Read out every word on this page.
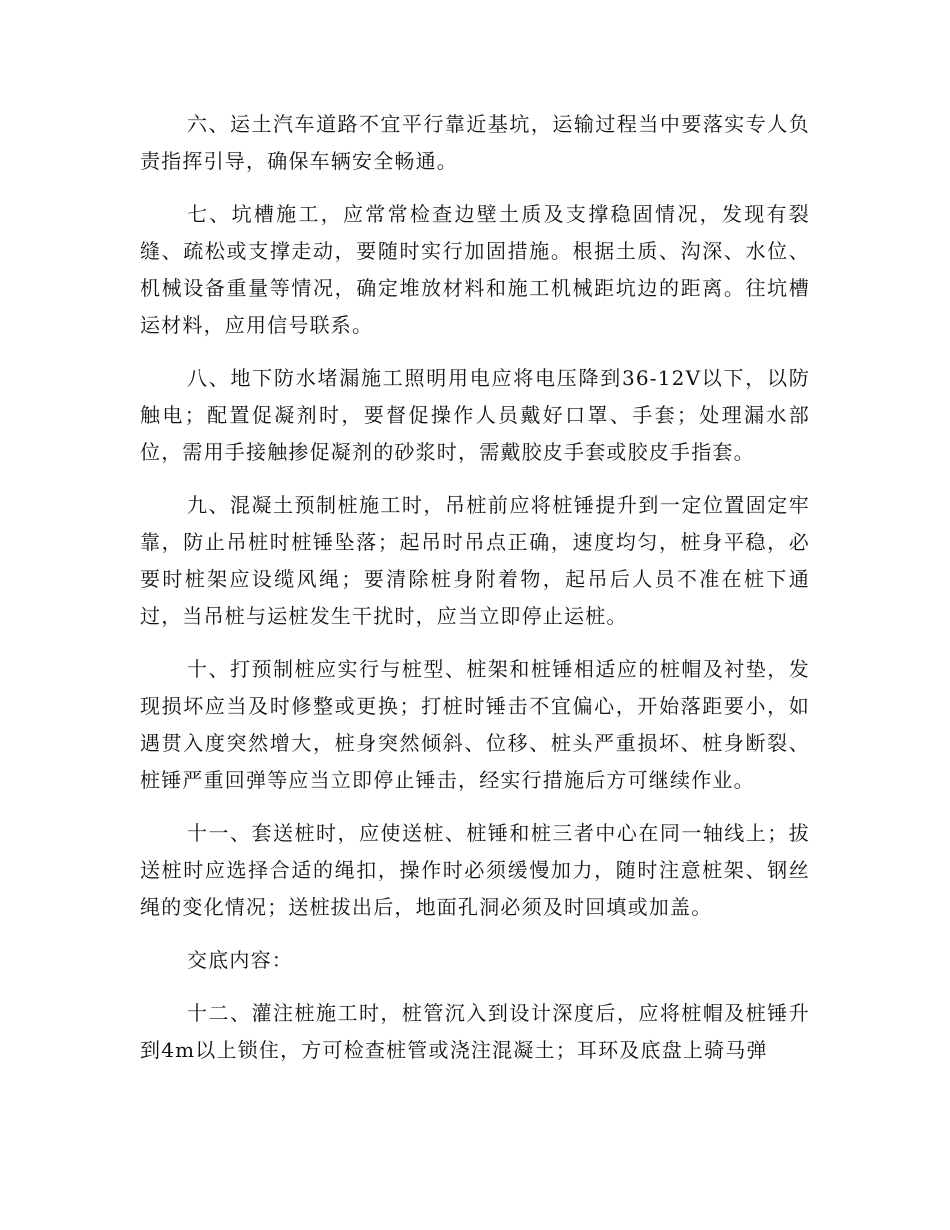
六、运土汽车道路不宜平行靠近基坑，运输过程当中要落实专人负责指挥引导，确保车辆安全畅通。

七、坑槽施工，应常常检查边壁土质及支撑稳固情况，发现有裂缝、疏松或支撑走动，要随时实行加固措施。根据土质、沟深、水位、机械设备重量等情况，确定堆放材料和施工机械距坑边的距离。往坑槽运材料，应用信号联系。

八、地下防水堵漏施工照明用电应将电压降到36-12V以下，以防触电；配置促凝剂时，要督促操作人员戴好口罩、手套；处理漏水部位，需用手接触掺促凝剂的砂浆时，需戴胶皮手套或胶皮手指套。

九、混凝土预制桩施工时，吊桩前应将桩锤提升到一定位置固定牢靠，防止吊桩时桩锤坠落；起吊时吊点正确，速度均匀，桩身平稳，必要时桩架应设缆风绳；要清除桩身附着物，起吊后人员不准在桩下通过，当吊桩与运桩发生干扰时，应当立即停止运桩。

十、打预制桩应实行与桩型、桩架和桩锤相适应的桩帽及衬垫，发现损坏应当及时修整或更换；打桩时锤击不宜偏心，开始落距要小，如遇贯入度突然增大，桩身突然倾斜、位移、桩头严重损坏、桩身断裂、桩锤严重回弹等应当立即停止锤击，经实行措施后方可继续作业。

十一、套送桩时，应使送桩、桩锤和桩三者中心在同一轴线上；拔送桩时应选择合适的绳扣，操作时必须缓慢加力，随时注意桩架、钢丝绳的变化情况；送桩拔出后，地面孔洞必须及时回填或加盖。

交底内容：

十二、灌注桩施工时，桩管沉入到设计深度后，应将桩帽及桩锤升到4m以上锁住，方可检查桩管或浇注混凝土；耳环及底盘上骑马弹
